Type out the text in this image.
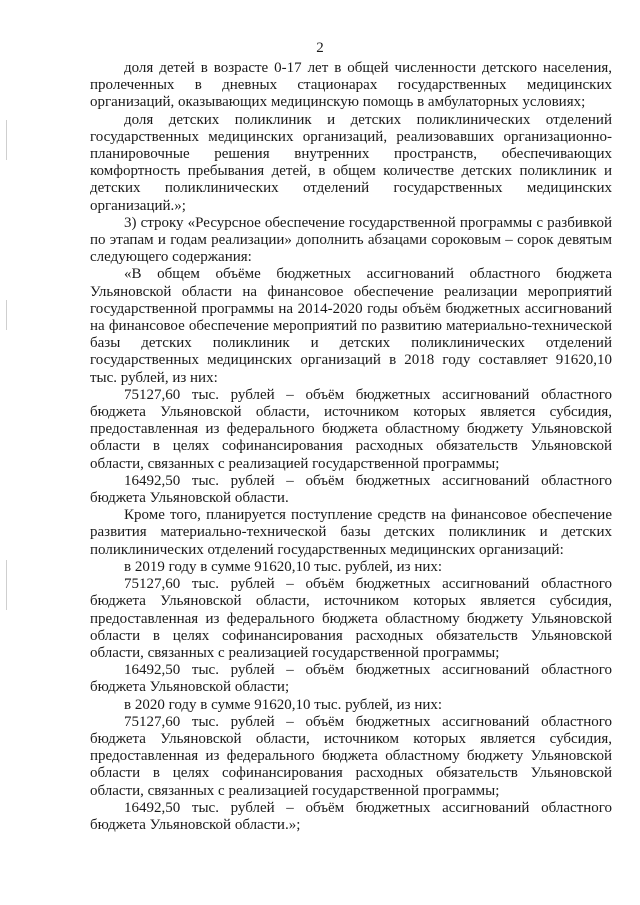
2

доля детей в возрасте 0-17 лет в общей численности детского населения, пролеченных в дневных стационарах государственных медицинских организаций, оказывающих медицинскую помощь в амбулаторных условиях;

доля детских поликлиник и детских поликлинических отделений государственных медицинских организаций, реализовавших организационно-планировочные решения внутренних пространств, обеспечивающих комфортность пребывания детей, в общем количестве детских поликлиник и детских поликлинических отделений государственных медицинских организаций.»;

3) строку «Ресурсное обеспечение государственной программы с разбивкой по этапам и годам реализации» дополнить абзацами сороковым – сорок девятым следующего содержания:

«В общем объёме бюджетных ассигнований областного бюджета Ульяновской области на финансовое обеспечение реализации мероприятий государственной программы на 2014-2020 годы объём бюджетных ассигнований на финансовое обеспечение мероприятий по развитию материально-технической базы детских поликлиник и детских поликлинических отделений государственных медицинских организаций в 2018 году составляет 91620,10 тыс. рублей, из них:

75127,60 тыс. рублей – объём бюджетных ассигнований областного бюджета Ульяновской области, источником которых является субсидия, предоставленная из федерального бюджета областному бюджету Ульяновской области в целях софинансирования расходных обязательств Ульяновской области, связанных с реализацией государственной программы;

16492,50 тыс. рублей – объём бюджетных ассигнований областного бюджета Ульяновской области.

Кроме того, планируется поступление средств на финансовое обеспечение развития материально-технической базы детских поликлиник и детских поликлинических отделений государственных медицинских организаций:

в 2019 году в сумме 91620,10 тыс. рублей, из них:

75127,60 тыс. рублей – объём бюджетных ассигнований областного бюджета Ульяновской области, источником которых является субсидия, предоставленная из федерального бюджета областному бюджету Ульяновской области в целях софинансирования расходных обязательств Ульяновской области, связанных с реализацией государственной программы;

16492,50 тыс. рублей – объём бюджетных ассигнований областного бюджета Ульяновской области;

в 2020 году в сумме 91620,10 тыс. рублей, из них:

75127,60 тыс. рублей – объём бюджетных ассигнований областного бюджета Ульяновской области, источником которых является субсидия, предоставленная из федерального бюджета областному бюджету Ульяновской области в целях софинансирования расходных обязательств Ульяновской области, связанных с реализацией государственной программы;

16492,50 тыс. рублей – объём бюджетных ассигнований областного бюджета Ульяновской области.»;
